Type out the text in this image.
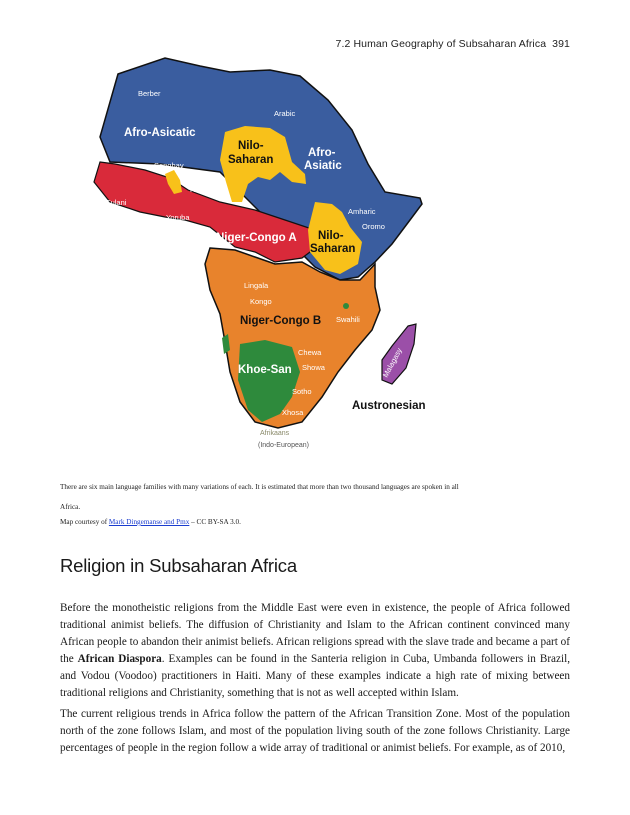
7.2 Human Geography of Subsaharan Africa 391
Berber
Arabic
Afro-Asicatic
Afro-
Asiatic
Nilo-
Saharan
Songhay
Hausa
Fulani
Yoruba
Igbo
Niger-Congo A Nilo-
Saharan
Amharic
Oromo
Lingala
Kongo
Niger-Congo B Swahili
Chewa
Showa
Khoe-San
Sotho
Xhosa
Malagasy
Austronesian
Afrikaans
(Indo-European)
There are six main language families with many variations of each. It is estimated that more than two thousand languages are spoken in all Africa.
Map courtesy of Mark Dingemanse and Pmx – CC BY-SA 3.0.
Religion in Subsaharan Africa

Before the monotheistic religions from the Middle East were even in existence, the people of Africa followed traditional animist beliefs. The diffusion of Christianity and Islam to the African continent convinced many African people to abandon their animist beliefs. African religions spread with the slave trade and became a part of the African Diaspora. Examples can be found in the Santeria religion in Cuba, Umbanda followers in Brazil, and Vodou (Voodoo) practitioners in Haiti. Many of these examples indicate a high rate of mixing between traditional religions and Christianity, something that is not as well accepted within Islam.

The current religious trends in Africa follow the pattern of the African Transition Zone. Most of the population north of the zone follows Islam, and most of the population living south of the zone follows Christianity. Large percentages of people in the region follow a wide array of traditional or animist beliefs. For example, as of 2010,
